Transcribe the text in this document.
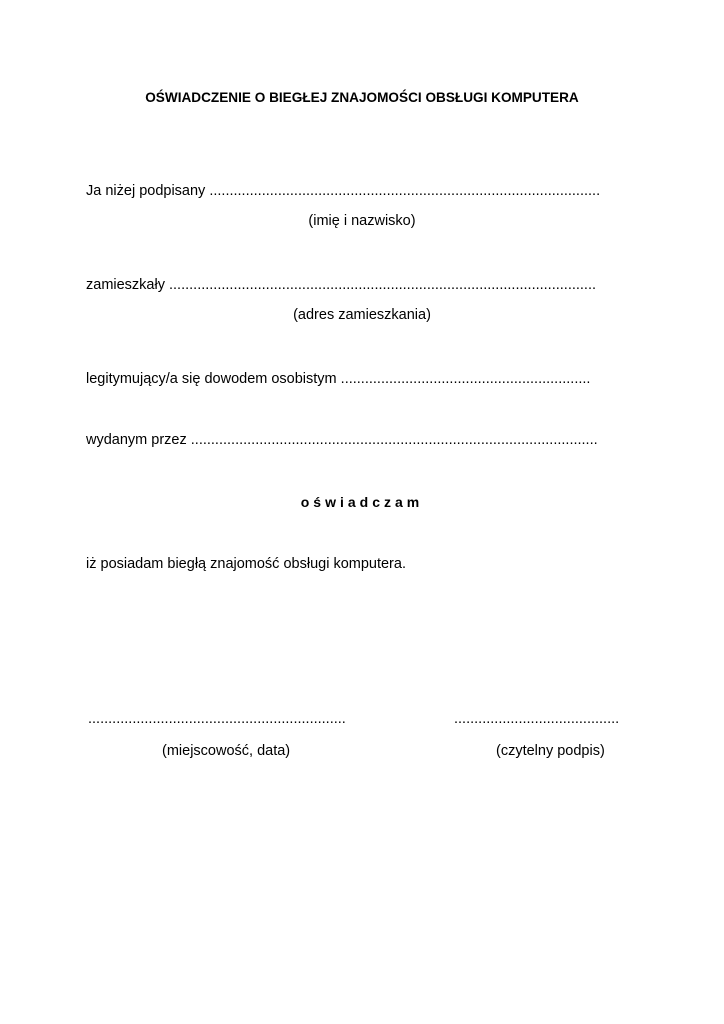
OŚWIADCZENIE O BIEGŁEJ ZNAJOMOŚCI OBSŁUGI KOMPUTERA
Ja niżej podpisany .................................................................................................
(imię i nazwisko)
zamieszkały ..........................................................................................................
(adres zamieszkania)
legitymujący/a się dowodem osobistym ..............................................................
wydanym przez .....................................................................................................
oświadczam
iż posiadam biegłą znajomość obsługi komputera.
................................................................
(miejscowość, data)
.........................................
(czytelny podpis)
